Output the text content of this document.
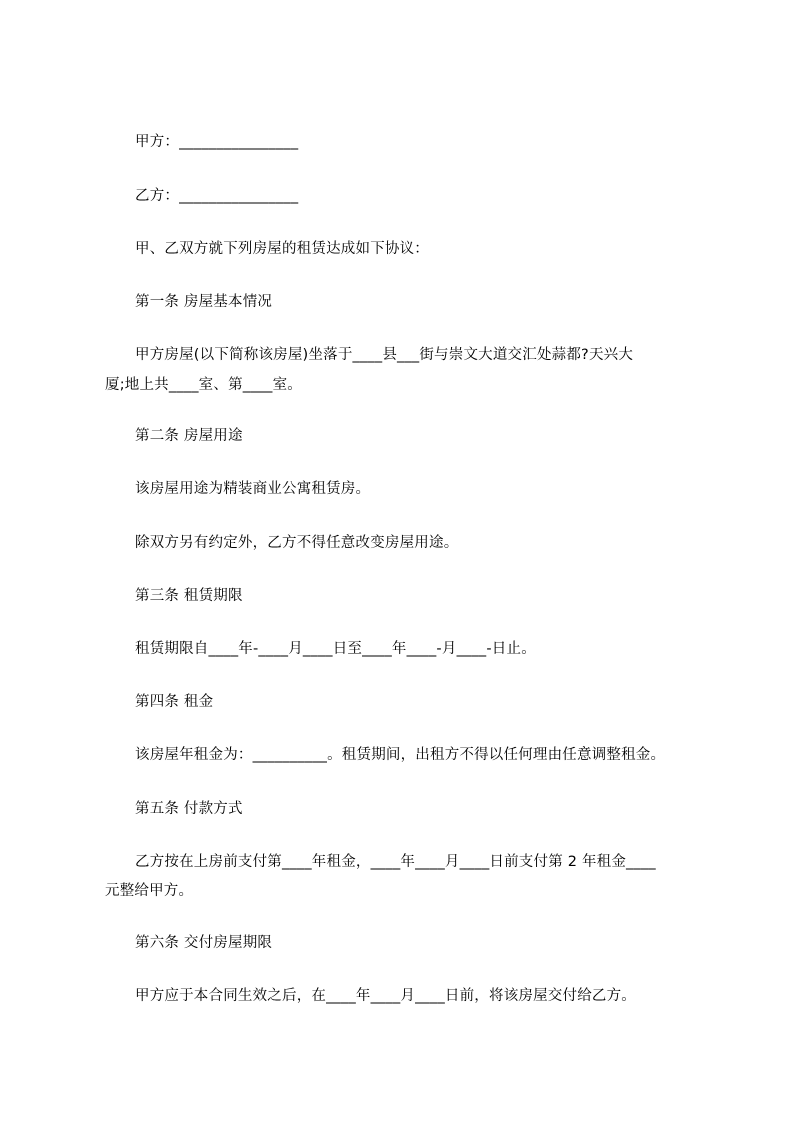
甲方：________________
乙方：________________
甲、乙双方就下列房屋的租赁达成如下协议：
第一条 房屋基本情况
甲方房屋(以下简称该房屋)坐落于____县___街与崇文大道交汇处蒜都?天兴大
厦;地上共____室、第____室。
第二条 房屋用途
该房屋用途为精装商业公寓租赁房。
除双方另有约定外，乙方不得任意改变房屋用途。
第三条 租赁期限
租赁期限自____年-____月____日至____年____-月____-日止。
第四条 租金
该房屋年租金为：__________。租赁期间，出租方不得以任何理由任意调整租金。
第五条 付款方式
乙方按在上房前支付第____年租金，____年____月____日前支付第 2 年租金____
元整给甲方。
第六条 交付房屋期限
甲方应于本合同生效之后，在____年____月____日前，将该房屋交付给乙方。
